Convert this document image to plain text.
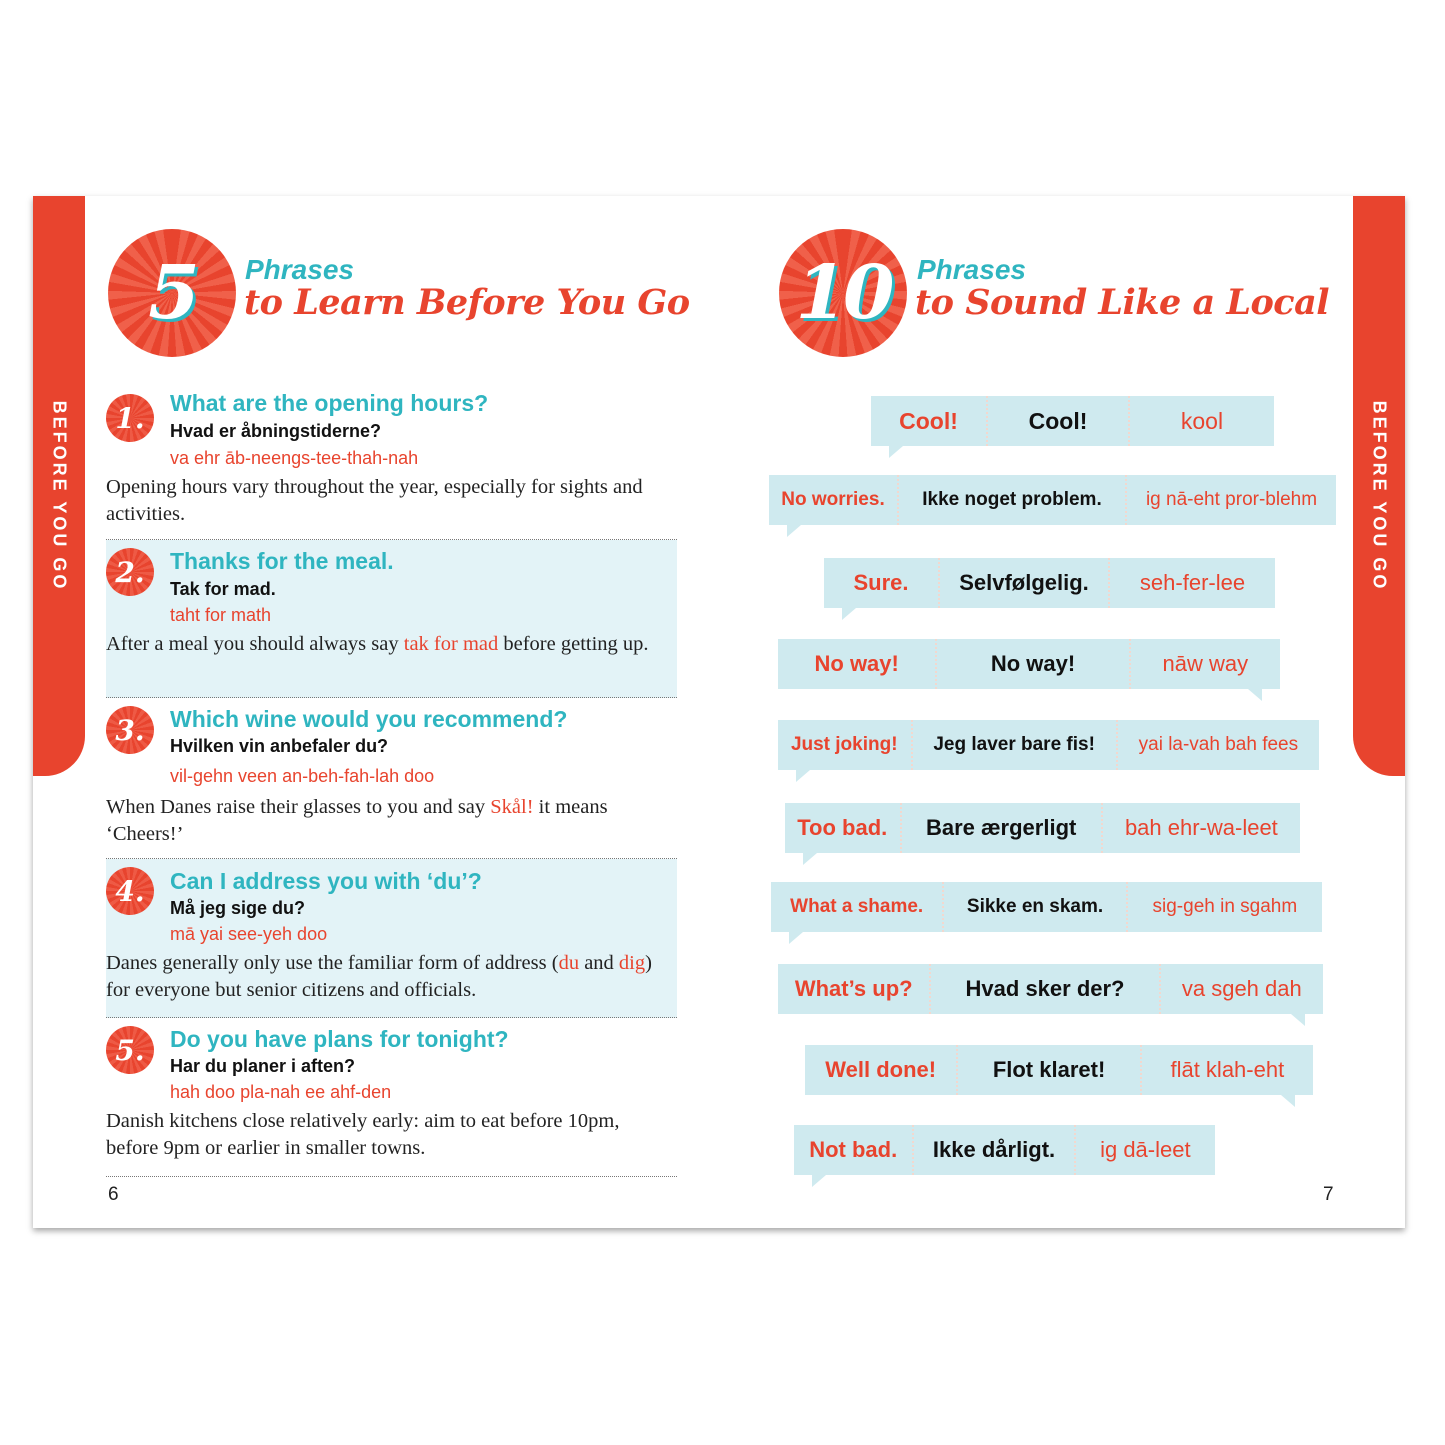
BEFORE YOU GO
5 Phrases
to Learn Before You Go
1.	What are the opening hours?
Hvad er åbningstiderne?
va ehr āb-neengs-tee-thah-nah
Opening hours vary throughout the year, especially for sights and activities.
2.	Thanks for the meal.
Tak for mad.
taht for math
After a meal you should always say tak for mad before getting up.
3.	Which wine would you recommend?
Hvilken vin anbefaler du?
vil-gehn veen an-beh-fah-lah doo
When Danes raise their glasses to you and say Skål! it means ‘Cheers!’
4.	Can I address you with ‘du’?
Må jeg sige du?
mā yai see-yeh doo
Danes generally only use the familiar form of address (du and dig) for everyone but senior citizens and officials.
5.	Do you have plans for tonight?
Har du planer i aften?
hah doo pla-nah ee ahf-den
Danish kitchens close relatively early: aim to eat before 10pm, before 9pm or earlier in smaller towns.
6
BEFORE YOU GO
10 Phrases
to Sound Like a Local
Cool!	Cool!	kool
No worries.	Ikke noget problem.	ig nā-eht pror-blehm
Sure.	Selvfølgelig.	seh-fer-lee
No way!	No way!	nāw way
Just joking!	Jeg laver bare fis!	yai la-vah bah fees
Too bad.	Bare ærgerligt	bah ehr-wa-leet
What a shame.	Sikke en skam.	sig-geh in sgahm
What’s up?	Hvad sker der?	va sgeh dah
Well done!	Flot klaret!	flāt klah-eht
Not bad.	Ikke dårligt.	ig dā-leet
7
